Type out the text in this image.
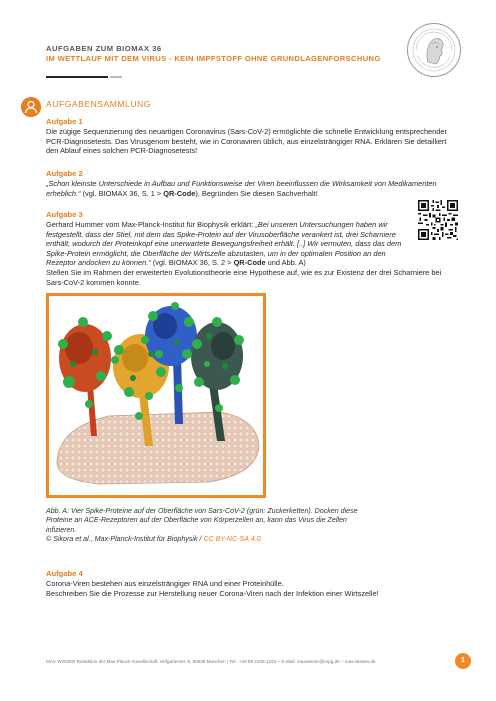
AUFGABEN ZUM BIOMAX 36
IM WETTLAUF MIT DEM VIRUS - KEIN IMPFSTOFF OHNE GRUNDLAGENFORSCHUNG
AUFGABENSAMMLUNG
Aufgabe 1
Die zügige Sequenzierung des neuartigen Coronavirus (Sars-CoV-2) ermöglichte die schnelle Entwicklung entsprechender PCR-Diagnosetests. Das Virusgenom besteht, wie in Coronaviren üblich, aus einzelsträngiger RNA. Erklären Sie detailliert den Ablauf eines solchen PCR-Diagnosetests!
Aufgabe 2
„Schon kleinste Unterschiede in Aufbau und Funktionsweise der Viren beeinflussen die Wirksamkeit von Medikamenten erheblich.“ (vgl. BIOMAX 36, S. 1 > QR-Code). Begründen Sie diesen Sachverhalt!
Aufgabe 3
Gerhard Hummer vom Max-Planck-Institut für Biophysik erklärt: „Bei unseren Untersuchungen haben wir festgestellt, dass der Stiel, mit dem das Spike-Protein auf der Virusoberfläche verankert ist, drei Scharniere enthält, wodurch der Proteinkopf eine unerwartete Bewegungsfreiheit erhält. [..] Wir vermuten, dass das dem Spike-Protein ermöglicht, die Oberfläche der Wirtszelle abzutasten, um in der optimalen Position an den Rezeptor andocken zu können.“ (vgl. BIOMAX 36, S. 2 > QR-Code und Abb. A)
Stellen Sie im Rahmen der erweiterten Evolutionstheorie eine Hypothese auf, wie es zur Existenz der drei Scharniere bei Sars-CoV-2 kommen konnte.
Abb. A: Vier Spike-Proteine auf der Oberfläche von Sars-CoV-2 (grün: Zuckerketten). Docken diese Proteine an ACE-Rezeptoren auf der Oberfläche von Körperzellen an, kann das Virus die Zellen infizieren.
© Sikora et al., Max-Planck-Institut für Biophysik / CC BY-NC-SA 4.0
Aufgabe 4
Corona-Viren bestehen aus einzelsträngiger RNA und einer Proteinhülle.
Beschreiben Sie die Prozesse zur Herstellung neuer Corona-Viren nach der Infektion einer Wirtszelle!
MAX WISSEN Redaktion der Max-Planck-Gesellschaft, Hofgartenstr. 8, 80539 München | Tel.: +49 89 2108-1242 – E-Mail: maxwissen@mpg.de – max-wissen.de	1
